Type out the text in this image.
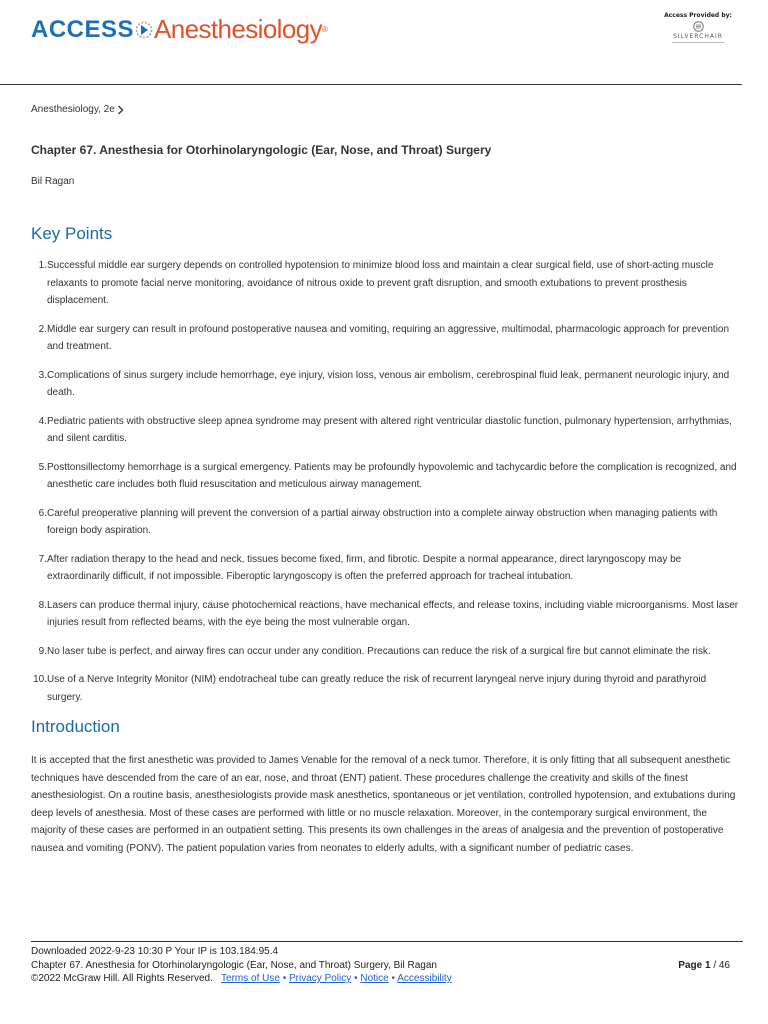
ACCESS Anesthesiology ®
Access Provided by:
SILVERCHAIR
Anesthesiology, 2e
Chapter 67. Anesthesia for Otorhinolaryngologic (Ear, Nose, and Throat) Surgery
Bil Ragan
Key Points
1. Successful middle ear surgery depends on controlled hypotension to minimize blood loss and maintain a clear surgical field, use of short-acting muscle relaxants to promote facial nerve monitoring, avoidance of nitrous oxide to prevent graft disruption, and smooth extubations to prevent prosthesis displacement.
2. Middle ear surgery can result in profound postoperative nausea and vomiting, requiring an aggressive, multimodal, pharmacologic approach for prevention and treatment.
3. Complications of sinus surgery include hemorrhage, eye injury, vision loss, venous air embolism, cerebrospinal fluid leak, permanent neurologic injury, and death.
4. Pediatric patients with obstructive sleep apnea syndrome may present with altered right ventricular diastolic function, pulmonary hypertension, arrhythmias, and silent carditis.
5. Posttonsillectomy hemorrhage is a surgical emergency. Patients may be profoundly hypovolemic and tachycardic before the complication is recognized, and anesthetic care includes both fluid resuscitation and meticulous airway management.
6. Careful preoperative planning will prevent the conversion of a partial airway obstruction into a complete airway obstruction when managing patients with foreign body aspiration.
7. After radiation therapy to the head and neck, tissues become fixed, firm, and fibrotic. Despite a normal appearance, direct laryngoscopy may be extraordinarily difficult, if not impossible. Fiberoptic laryngoscopy is often the preferred approach for tracheal intubation.
8. Lasers can produce thermal injury, cause photochemical reactions, have mechanical effects, and release toxins, including viable microorganisms. Most laser injuries result from reflected beams, with the eye being the most vulnerable organ.
9. No laser tube is perfect, and airway fires can occur under any condition. Precautions can reduce the risk of a surgical fire but cannot eliminate the risk.
10. Use of a Nerve Integrity Monitor (NIM) endotracheal tube can greatly reduce the risk of recurrent laryngeal nerve injury during thyroid and parathyroid surgery.
Introduction
It is accepted that the first anesthetic was provided to James Venable for the removal of a neck tumor. Therefore, it is only fitting that all subsequent anesthetic techniques have descended from the care of an ear, nose, and throat (ENT) patient. These procedures challenge the creativity and skills of the finest anesthesiologist. On a routine basis, anesthesiologists provide mask anesthetics, spontaneous or jet ventilation, controlled hypotension, and extubations during deep levels of anesthesia. Most of these cases are performed with little or no muscle relaxation. Moreover, in the contemporary surgical environment, the majority of these cases are performed in an outpatient setting. This presents its own challenges in the areas of analgesia and the prevention of postoperative nausea and vomiting (PONV). The patient population varies from neonates to elderly adults, with a significant number of pediatric cases.
Downloaded 2022-9-23 10:30 P Your IP is 103.184.95.4
Chapter 67. Anesthesia for Otorhinolaryngologic (Ear, Nose, and Throat) Surgery, Bil Ragan
©2022 McGraw Hill. All Rights Reserved. Terms of Use • Privacy Policy • Notice • Accessibility
Page 1 / 46
